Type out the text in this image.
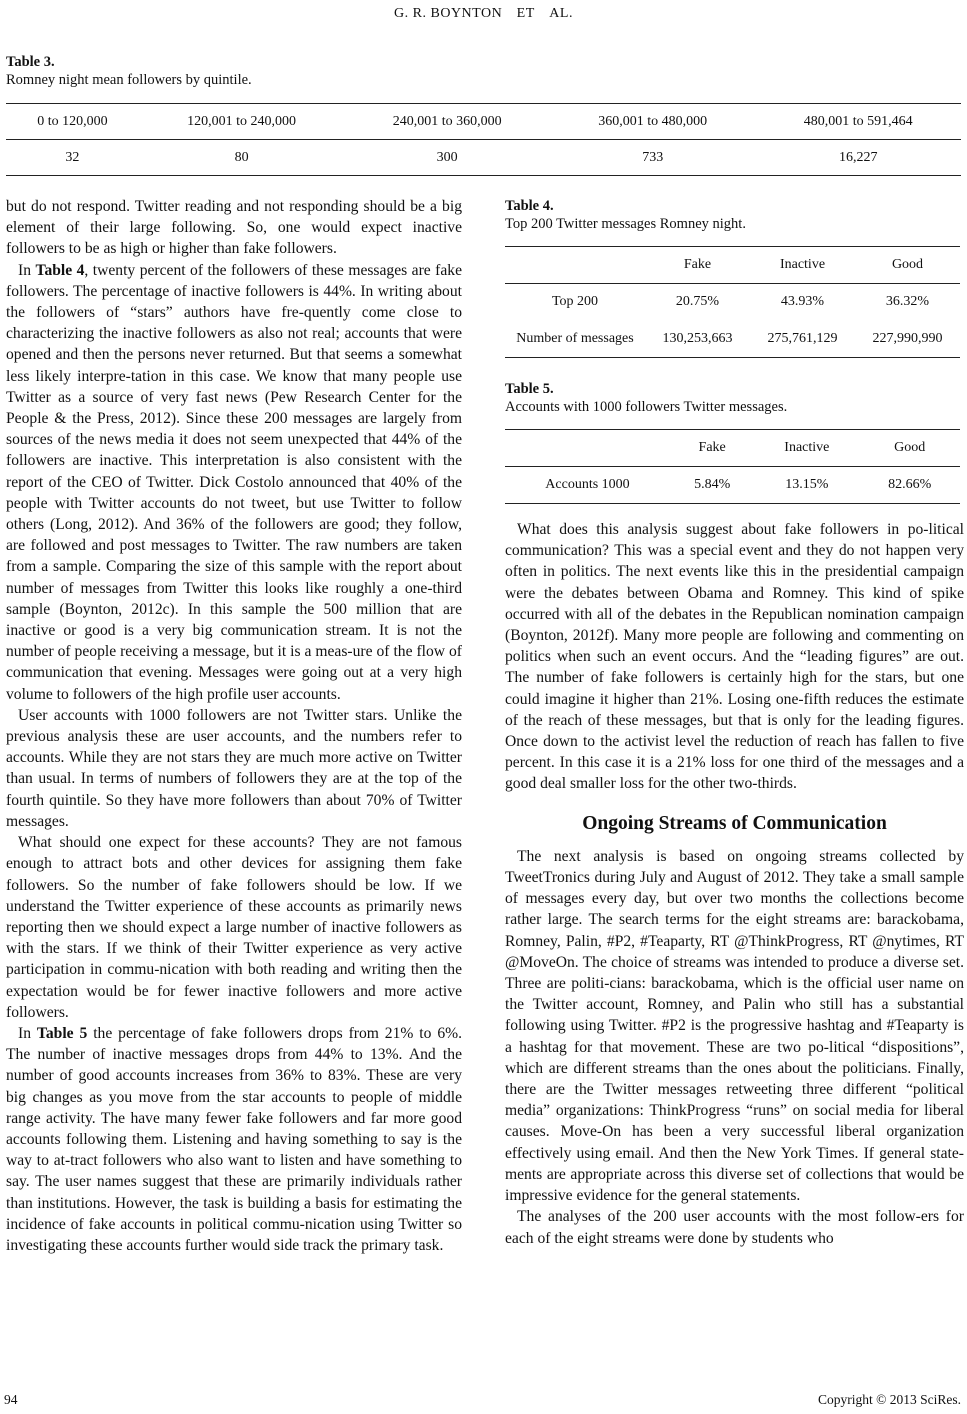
G. R. BOYNTON ET AL.
Table 3.
Romney night mean followers by quintile.
0 to 120,000	120,001 to 240,000	240,001 to 360,000	360,001 to 480,000	480,001 to 591,464
32	80	300	733	16,227

but do not respond. Twitter reading and not responding should be a big element of their large following. So, one would expect inactive followers to be as high or higher than fake followers.

In Table 4, twenty percent of the followers of these messages are fake followers. The percentage of inactive followers is 44%. In writing about the followers of “stars” authors have fre-quently come close to characterizing the inactive followers as also not real; accounts that were opened and then the persons never returned. But that seems a somewhat less likely interpre-tation in this case. We know that many people use Twitter as a source of very fast news (Pew Research Center for the People & the Press, 2012). Since these 200 messages are largely from sources of the news media it does not seem unexpected that 44% of the followers are inactive. This interpretation is also consistent with the report of the CEO of Twitter. Dick Costolo announced that 40% of the people with Twitter accounts do not tweet, but use Twitter to follow others (Long, 2012). And 36% of the followers are good; they follow, are followed and post messages to Twitter. The raw numbers are taken from a sample. Comparing the size of this sample with the report about number of messages from Twitter this looks like roughly a one-third sample (Boynton, 2012c). In this sample the 500 million that are inactive or good is a very big communication stream. It is not the number of people receiving a message, but it is a meas-ure of the flow of communication that evening. Messages were going out at a very high volume to followers of the high profile user accounts.

User accounts with 1000 followers are not Twitter stars. Unlike the previous analysis these are user accounts, and the numbers refer to accounts. While they are not stars they are much more active on Twitter than usual. In terms of numbers of followers they are at the top of the fourth quintile. So they have more followers than about 70% of Twitter messages.

What should one expect for these accounts? They are not famous enough to attract bots and other devices for assigning them fake followers. So the number of fake followers should be low. If we understand the Twitter experience of these accounts as primarily news reporting then we should expect a large number of inactive followers as with the stars. If we think of their Twitter experience as very active participation in commu-nication with both reading and writing then the expectation would be for fewer inactive followers and more active followers.

In Table 5 the percentage of fake followers drops from 21% to 6%. The number of inactive messages drops from 44% to 13%. And the number of good accounts increases from 36% to 83%. These are very big changes as you move from the star accounts to people of middle range activity. The have many fewer fake followers and far more good accounts following them. Listening and having something to say is the way to at-tract followers who also want to listen and have something to say. The user names suggest that these are primarily individuals rather than institutions. However, the task is building a basis for estimating the incidence of fake accounts in political commu-nication using Twitter so investigating these accounts further would side track the primary task.

Table 4.
Top 200 Twitter messages Romney night.
	Fake	Inactive	Good
Top 200	20.75%	43.93%	36.32%
Number of messages	130,253,663	275,761,129	227,990,990
Table 5.
Accounts with 1000 followers Twitter messages.
	Fake	Inactive	Good
Accounts 1000	5.84%	13.15%	82.66%

What does this analysis suggest about fake followers in po-litical communication? This was a special event and they do not happen very often in politics. The next events like this in the presidential campaign were the debates between Obama and Romney. This kind of spike occurred with all of the debates in the Republican nomination campaign (Boynton, 2012f). Many more people are following and commenting on politics when such an event occurs. And the “leading figures” are out. The number of fake followers is certainly high for the stars, but one could imagine it higher than 21%. Losing one-fifth reduces the estimate of the reach of these messages, but that is only for the leading figures. Once down to the activist level the reduction of reach has fallen to five percent. In this case it is a 21% loss for one third of the messages and a good deal smaller loss for the other two-thirds.

Ongoing Streams of Communication

The next analysis is based on ongoing streams collected by TweetTronics during July and August of 2012. They take a small sample of messages every day, but over two months the collections become rather large. The search terms for the eight streams are: barackobama, Romney, Palin, #P2, #Teaparty, RT @ThinkProgress, RT @nytimes, RT @MoveOn. The choice of streams was intended to produce a diverse set. Three are politi-cians: barackobama, which is the official user name on the Twitter account, Romney, and Palin who still has a substantial following using Twitter. #P2 is the progressive hashtag and #Teaparty is a hashtag for that movement. These are two po-litical “dispositions”, which are different streams than the ones about the politicians. Finally, there are the Twitter messages retweeting three different “political media” organizations: ThinkProgress “runs” on social media for liberal causes. Move-On has been a very successful liberal organization effectively using email. And then the New York Times. If general state-ments are appropriate across this diverse set of collections that would be impressive evidence for the general statements.

The analyses of the 200 user accounts with the most follow-ers for each of the eight streams were done by students who

94	Copyright © 2013 SciRes.
